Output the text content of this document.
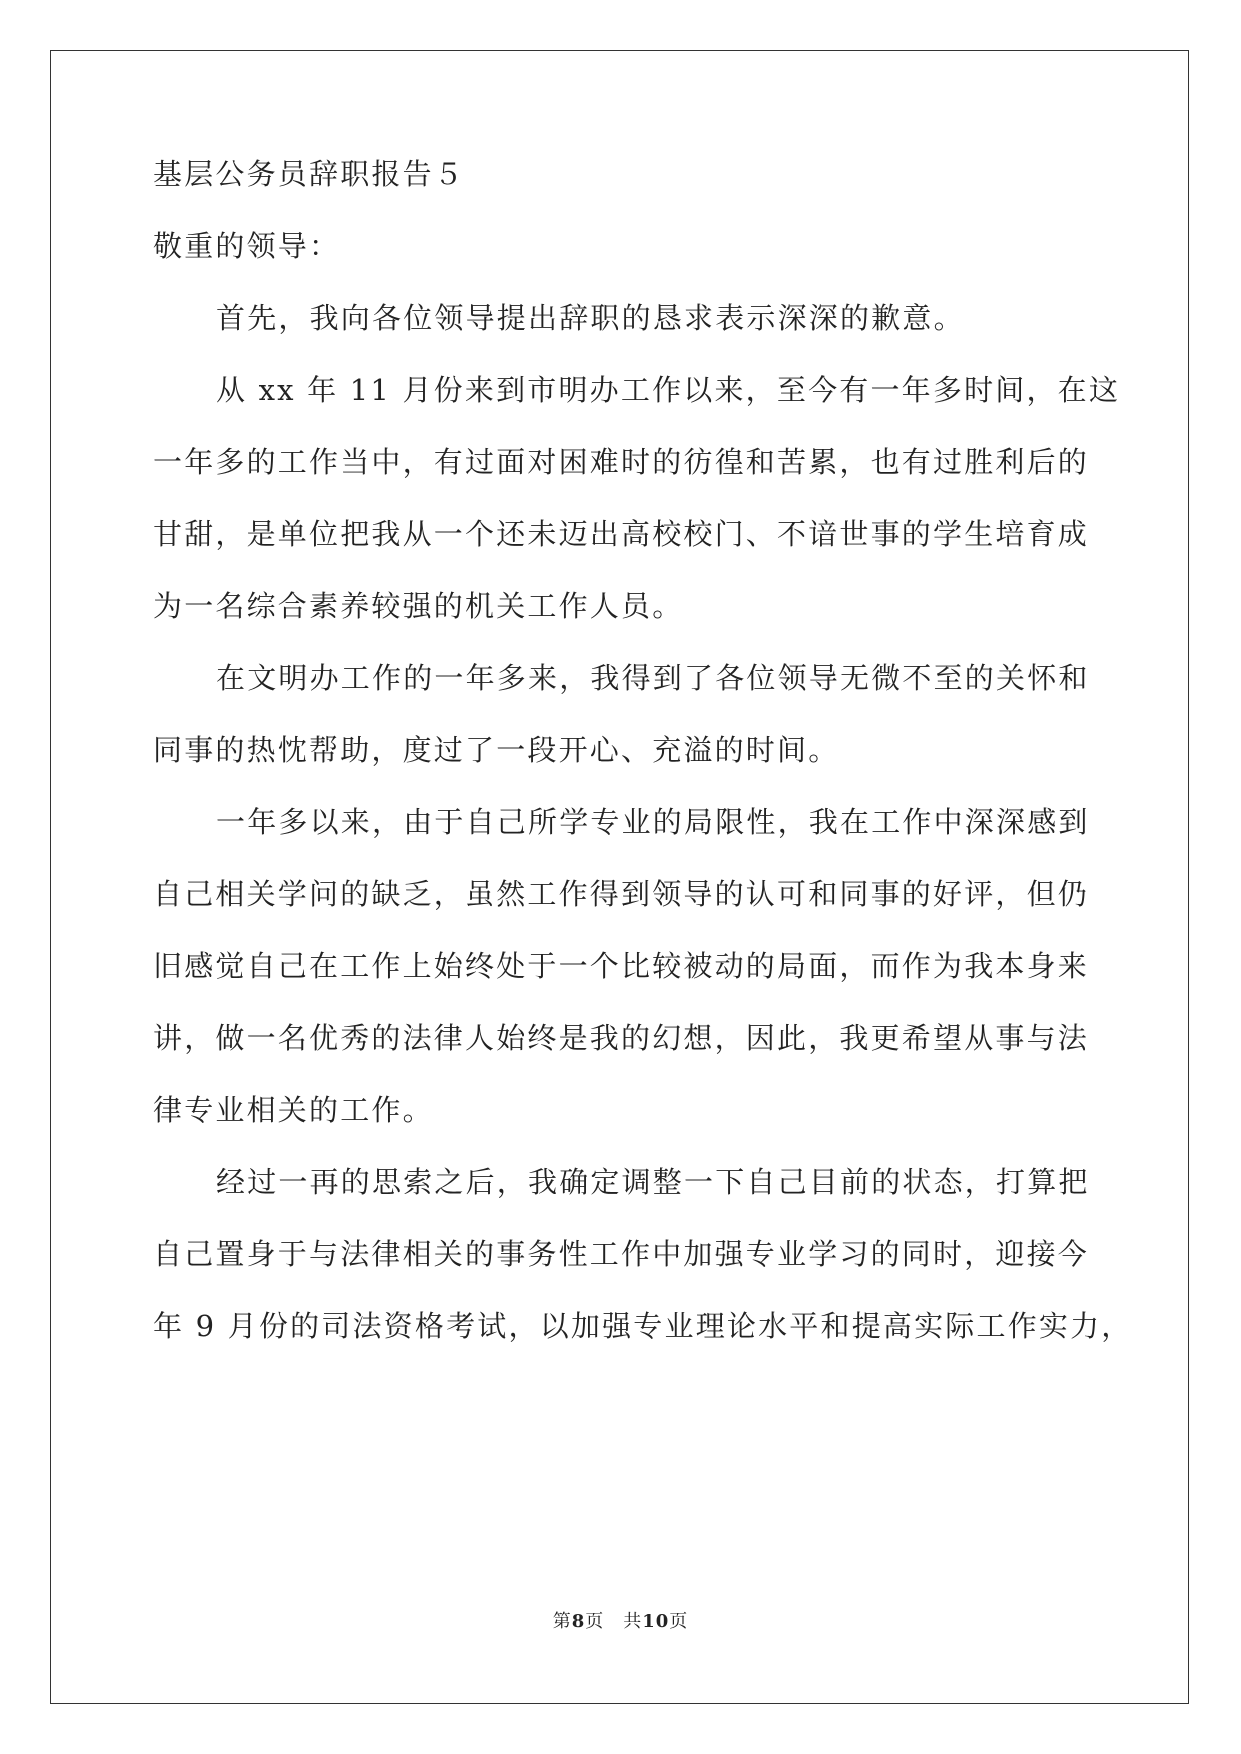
基层公务员辞职报告５
敬重的领导：
首先，我向各位领导提出辞职的恳求表示深深的歉意。
从 xx 年 11 月份来到市明办工作以来，至今有一年多时间，在这
一年多的工作当中，有过面对困难时的彷徨和苦累，也有过胜利后的
甘甜，是单位把我从一个还未迈出高校校门、不谙世事的学生培育成
为一名综合素养较强的机关工作人员。
在文明办工作的一年多来，我得到了各位领导无微不至的关怀和
同事的热忱帮助，度过了一段开心、充溢的时间。
一年多以来，由于自己所学专业的局限性，我在工作中深深感到
自己相关学问的缺乏，虽然工作得到领导的认可和同事的好评，但仍
旧感觉自己在工作上始终处于一个比较被动的局面，而作为我本身来
讲，做一名优秀的法律人始终是我的幻想，因此，我更希望从事与法
律专业相关的工作。
经过一再的思索之后，我确定调整一下自己目前的状态，打算把
自己置身于与法律相关的事务性工作中加强专业学习的同时，迎接今
年 9 月份的司法资格考试，以加强专业理论水平和提高实际工作实力，
第8页　共10页
